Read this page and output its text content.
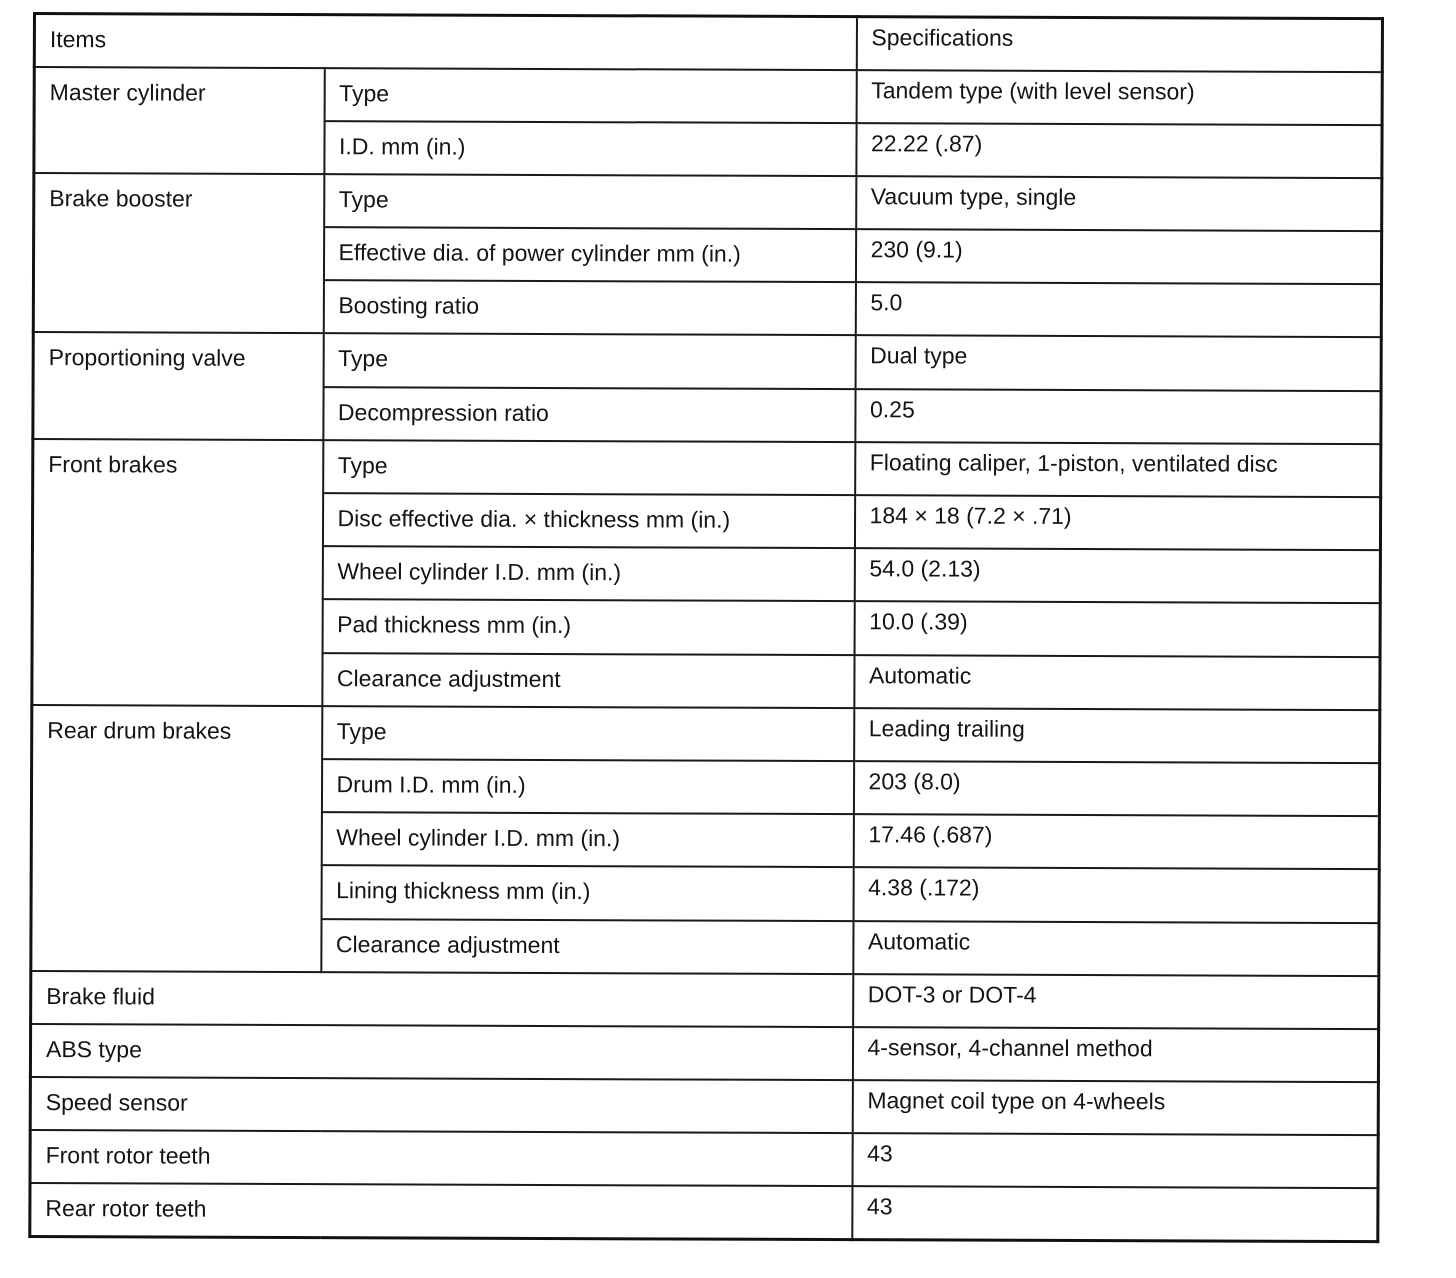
Items		Specifications
Master cylinder	Type	Tandem type (with level sensor)
	I.D. mm (in.)	22.22 (.87)
Brake booster	Type	Vacuum type, single
	Effective dia. of power cylinder mm (in.)	230 (9.1)
	Boosting ratio	5.0
Proportioning valve	Type	Dual type
	Decompression ratio	0.25
Front brakes	Type	Floating caliper, 1-piston, ventilated disc
	Disc effective dia. × thickness mm (in.)	184 × 18 (7.2 × .71)
	Wheel cylinder I.D. mm (in.)	54.0 (2.13)
	Pad thickness mm (in.)	10.0 (.39)
	Clearance adjustment	Automatic
Rear drum brakes	Type	Leading trailing
	Drum I.D. mm (in.)	203 (8.0)
	Wheel cylinder I.D. mm (in.)	17.46 (.687)
	Lining thickness mm (in.)	4.38 (.172)
	Clearance adjustment	Automatic
Brake fluid		DOT-3 or DOT-4
ABS type		4-sensor, 4-channel method
Speed sensor		Magnet coil type on 4-wheels
Front rotor teeth		43
Rear rotor teeth		43
